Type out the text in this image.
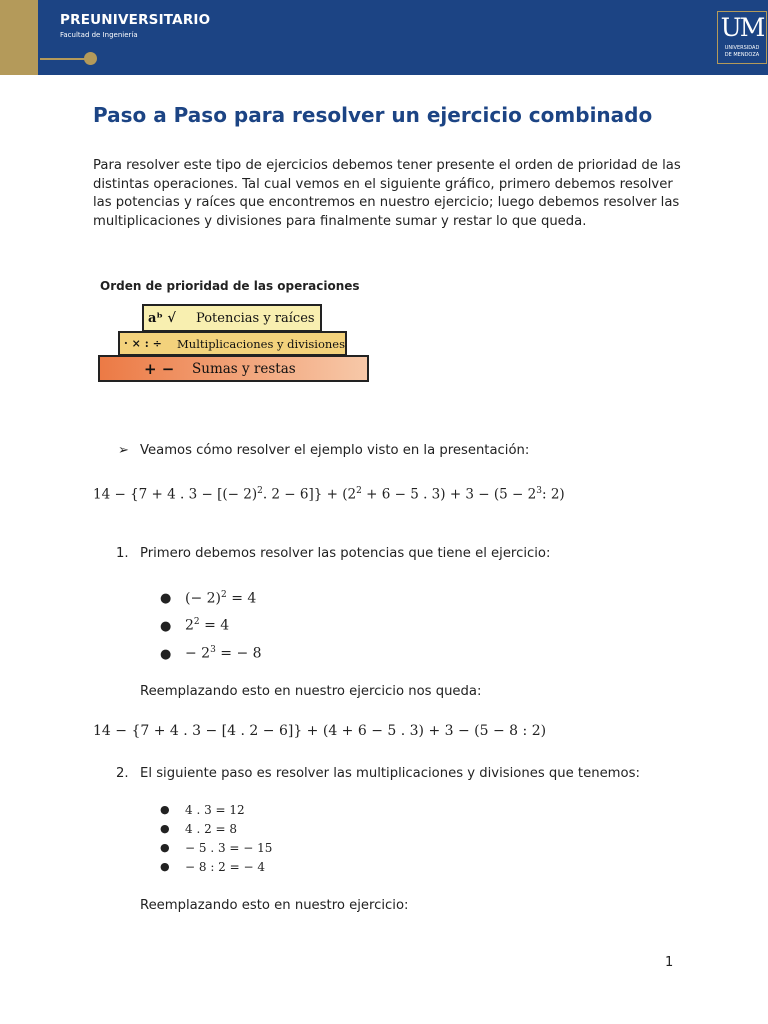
PREUNIVERSITARIO
Facultad de Ingeniería	UM
UNIVERSIDAD
DE MENDOZA
Paso a Paso para resolver un ejercicio combinado

Para resolver este tipo de ejercicios debemos tener presente el orden de prioridad de las distintas operaciones. Tal cual vemos en el siguiente gráfico, primero debemos resolver las potencias y raíces que encontremos en nuestro ejercicio; luego debemos resolver las multiplicaciones y divisiones para finalmente sumar y restar lo que queda.

Orden de prioridad de las operaciones
aᵇ √	Potencias y raíces
· × : ÷	Multiplicaciones y divisiones
+ −	Sumas y restas
➢ Veamos cómo resolver el ejemplo visto en la presentación:
14 − {7 + 4 . 3 − [(− 2)$^2$. $2 - 6]\} + (2^2 + 6 - 5$ . $3) + 3 - (5 - 2^3$: 2)
1. Primero debemos resolver las potencias que tiene el ejercicio:
● (− 2)$^2$ = 4
● $2^2 = 4$
● − $2^3$ = − 8
Reemplazando esto en nuestro ejercicio nos queda:
14 − {7 + 4 . 3 − [4 . 2 − 6]} + (4 + 6 − 5 . 3) + 3 − (5 − 8 : 2)
2. El siguiente paso es resolver las multiplicaciones y divisiones que tenemos:
● 4 . 3 = 12
● 4 . 2 = 8
● − 5 . 3 = − 15
● − 8 : 2 = − 4
Reemplazando esto en nuestro ejercicio:
1
